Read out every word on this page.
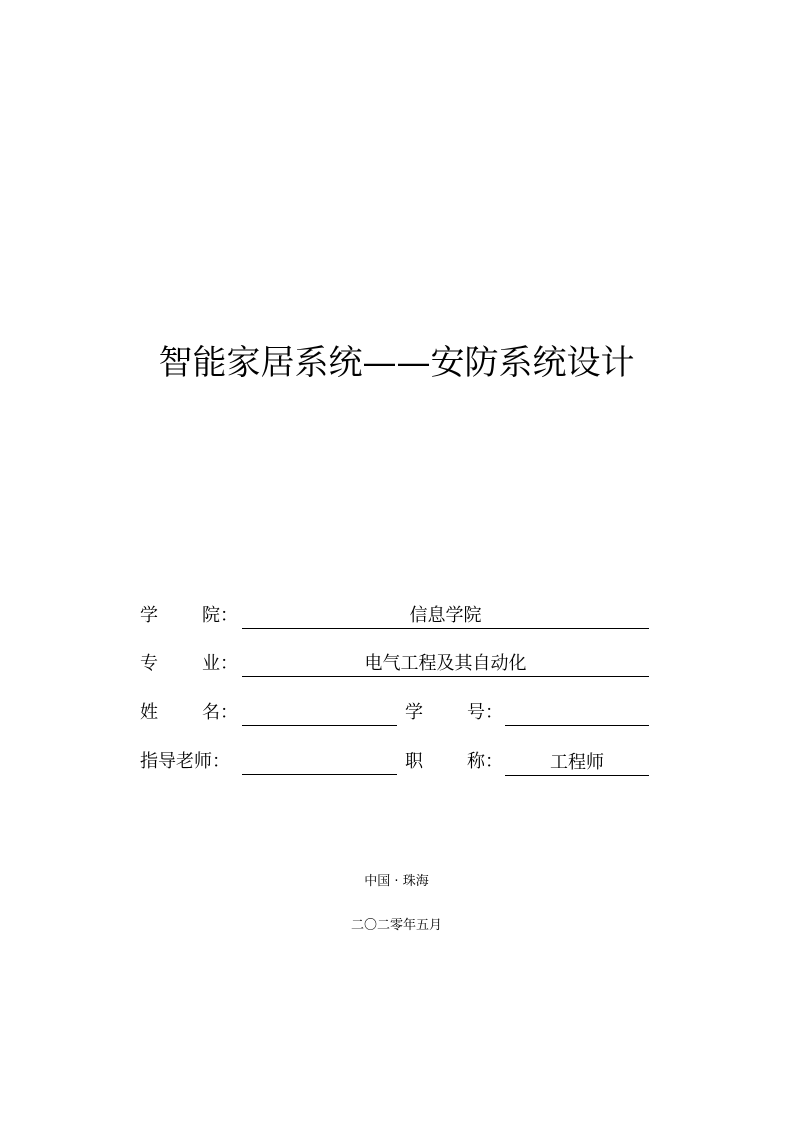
智能家居系统——安防系统设计
学 院：	信息学院
专 业：	电气工程及其自动化
姓 名：	学 号：
指导老师：	职 称：	工程师
中国 · 珠海
二〇二零年五月
